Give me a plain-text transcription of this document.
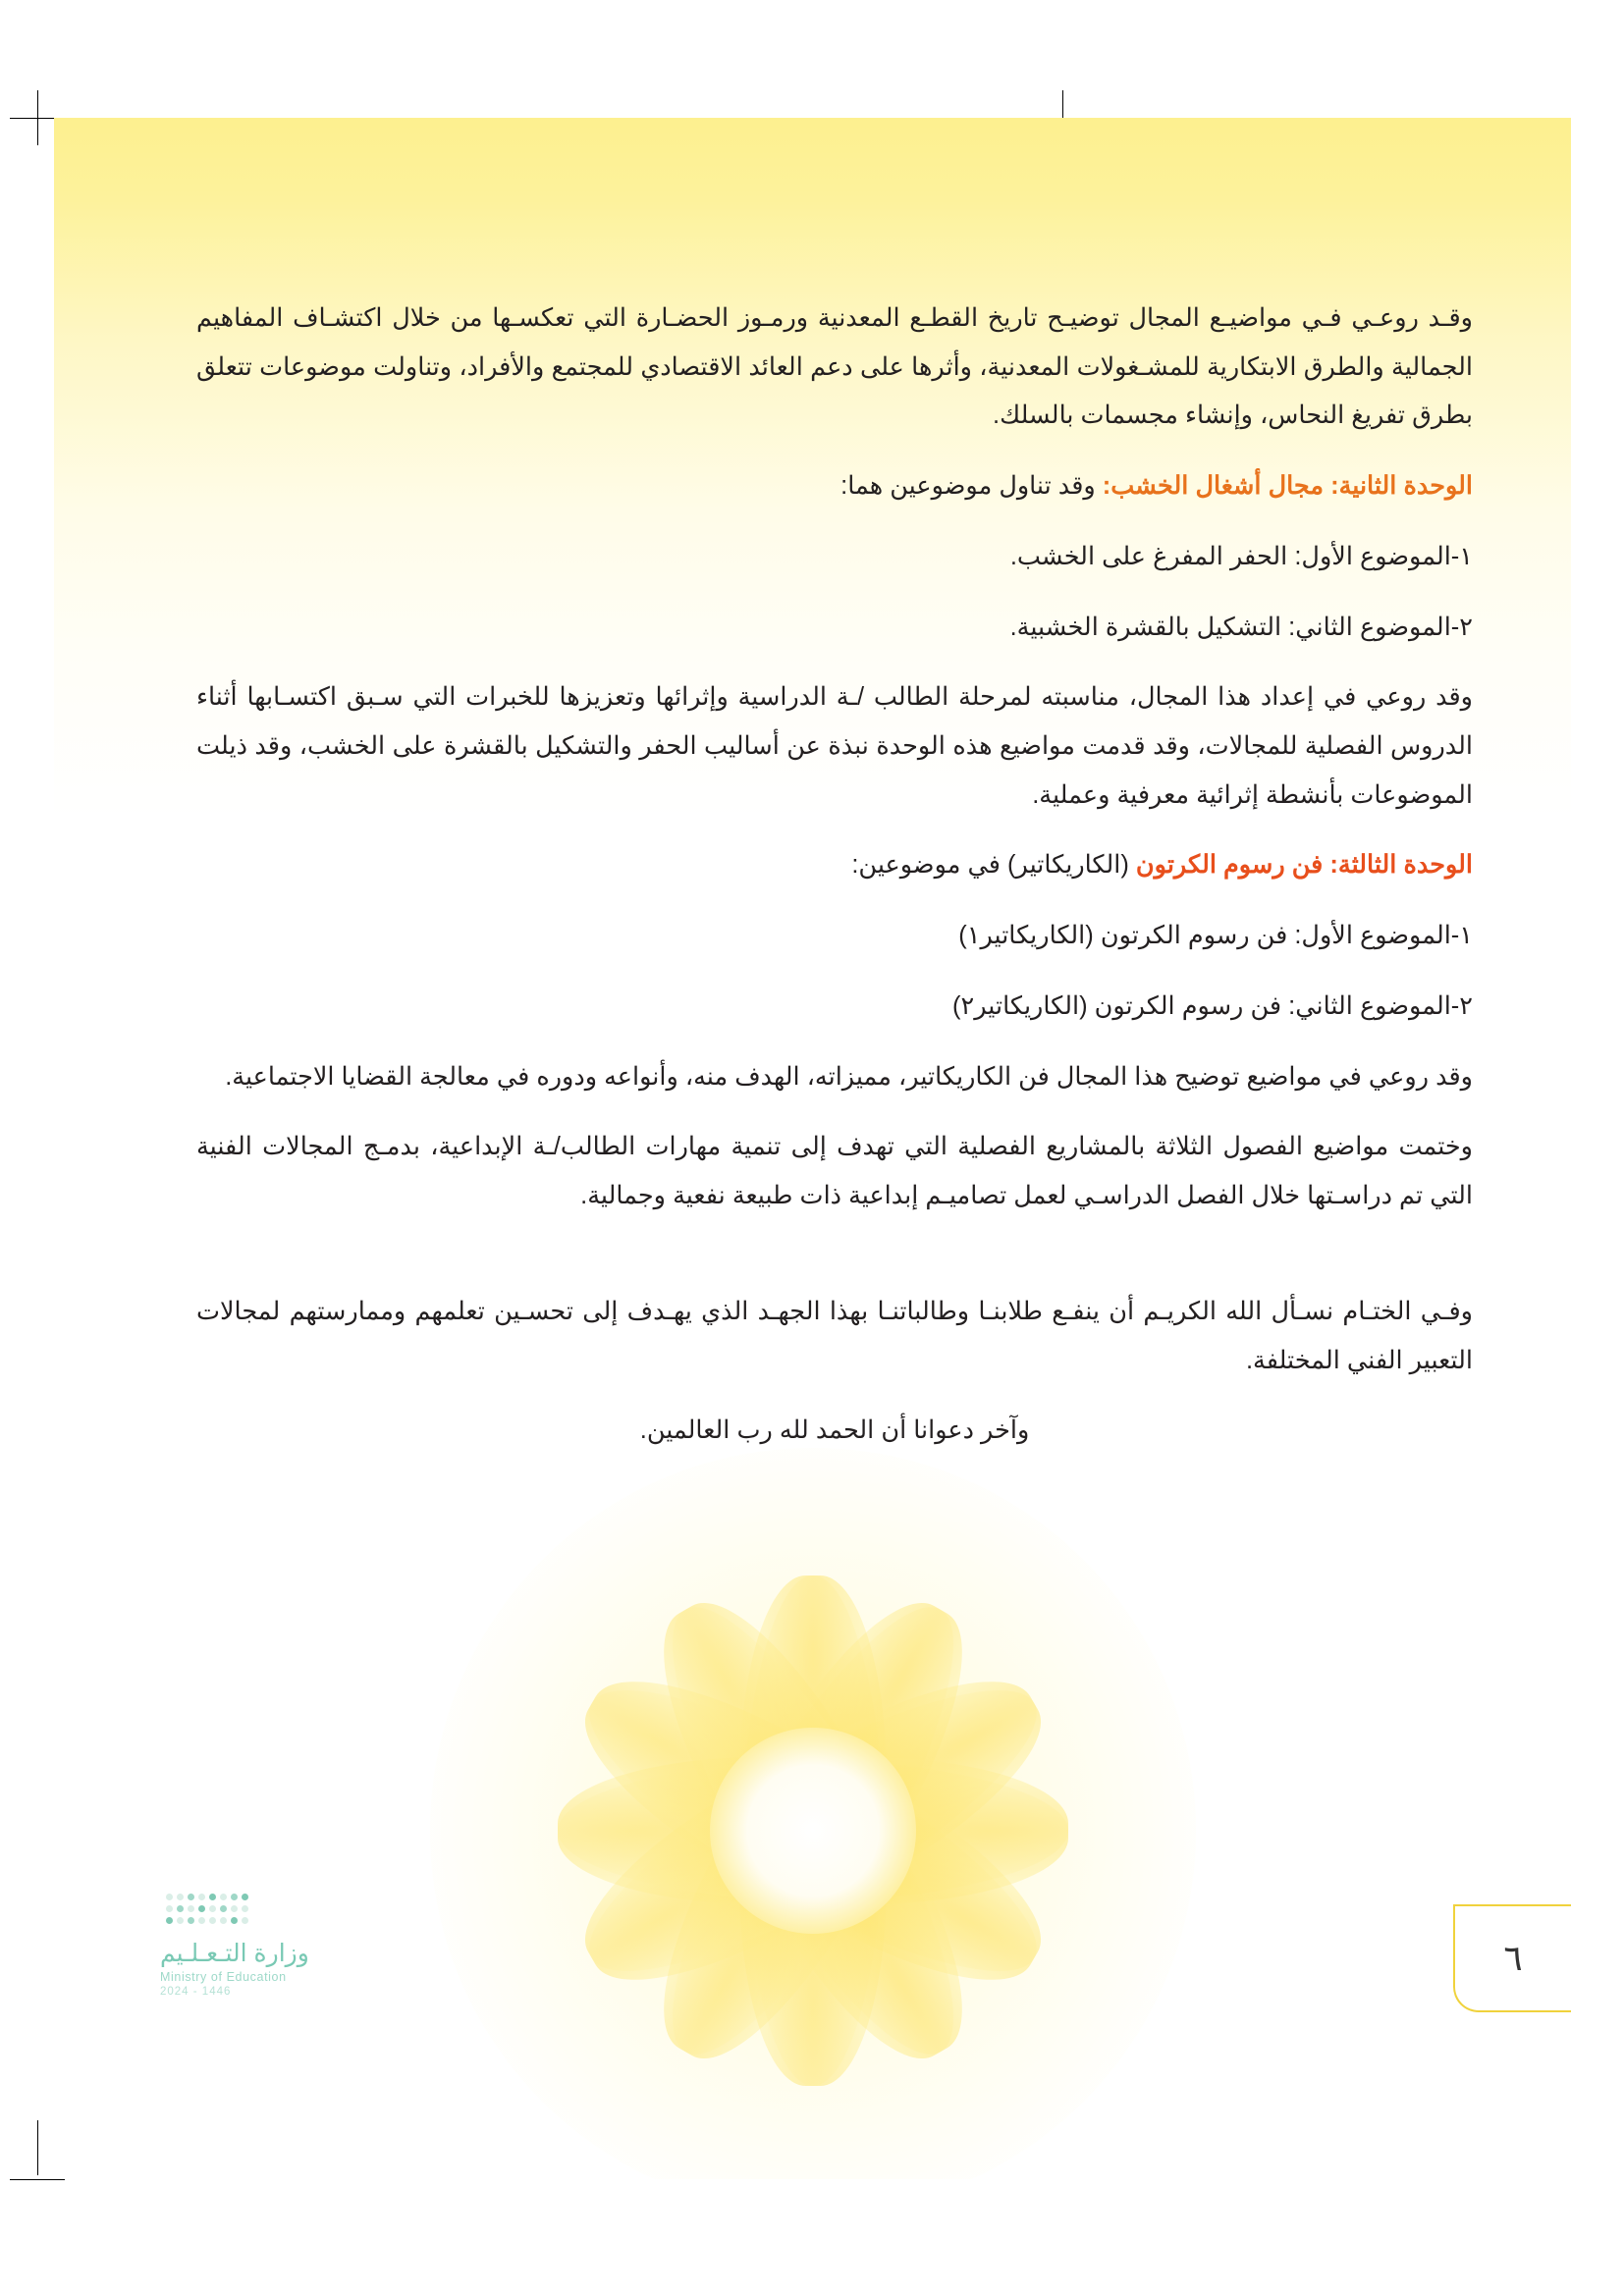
وقـد روعـي فـي مواضيـع المجال توضيـح تاريخ القطـع المعدنية ورمـوز الحضـارة التي تعكسـها من خلال اكتشـاف المفاهيم الجمالية والطرق الابتكارية للمشـغولات المعدنية، وأثرها على دعم العائد الاقتصادي للمجتمع والأفراد، وتناولت موضوعات تتعلق بطرق تفريغ النحاس، وإنشاء مجسمات بالسلك.

الوحدة الثانية: مجال أشغال الخشب: وقد تناول موضوعين هما:

١-الموضوع الأول: الحفر المفرغ على الخشب.

٢-الموضوع الثاني: التشكيل بالقشرة الخشبية.

وقد روعي في إعداد هذا المجال، مناسبته لمرحلة الطالب /ـة الدراسية وإثرائها وتعزيزها للخبرات التي سـبق اكتسـابها أثناء الدروس الفصلية للمجالات، وقد قدمت مواضيع هذه الوحدة نبذة عن أساليب الحفر والتشكيل بالقشرة على الخشب، وقد ذيلت الموضوعات بأنشطة إثرائية معرفية وعملية.

الوحدة الثالثة: فن رسوم الكرتون (الكاريكاتير) في موضوعين:

١-الموضوع الأول: فن رسوم الكرتون (الكاريكاتير١)

٢-الموضوع الثاني: فن رسوم الكرتون (الكاريكاتير٢)

وقد روعي في مواضيع توضيح هذا المجال فن الكاريكاتير، مميزاته، الهدف منه، وأنواعه ودوره في معالجة القضايا الاجتماعية.

وختمت مواضيع الفصول الثلاثة بالمشاريع الفصلية التي تهدف إلى تنمية مهارات الطالب/ـة الإبداعية، بدمـج المجالات الفنية التي تم دراسـتها خلال الفصل الدراسـي لعمل تصاميـم إبداعية ذات طبيعة نفعية وجمالية.

وفـي الختـام نسـأل الله الكريـم أن ينفـع طلابنـا وطالباتنـا بهذا الجهـد الذي يهـدف إلى تحسـين تعلمهم وممارستهم لمجالات التعبير الفني المختلفة.

وآخر دعوانا أن الحمد لله رب العالمين.

وزارة التـعـلـيم
Ministry of Education
2024 - 1446
٦
